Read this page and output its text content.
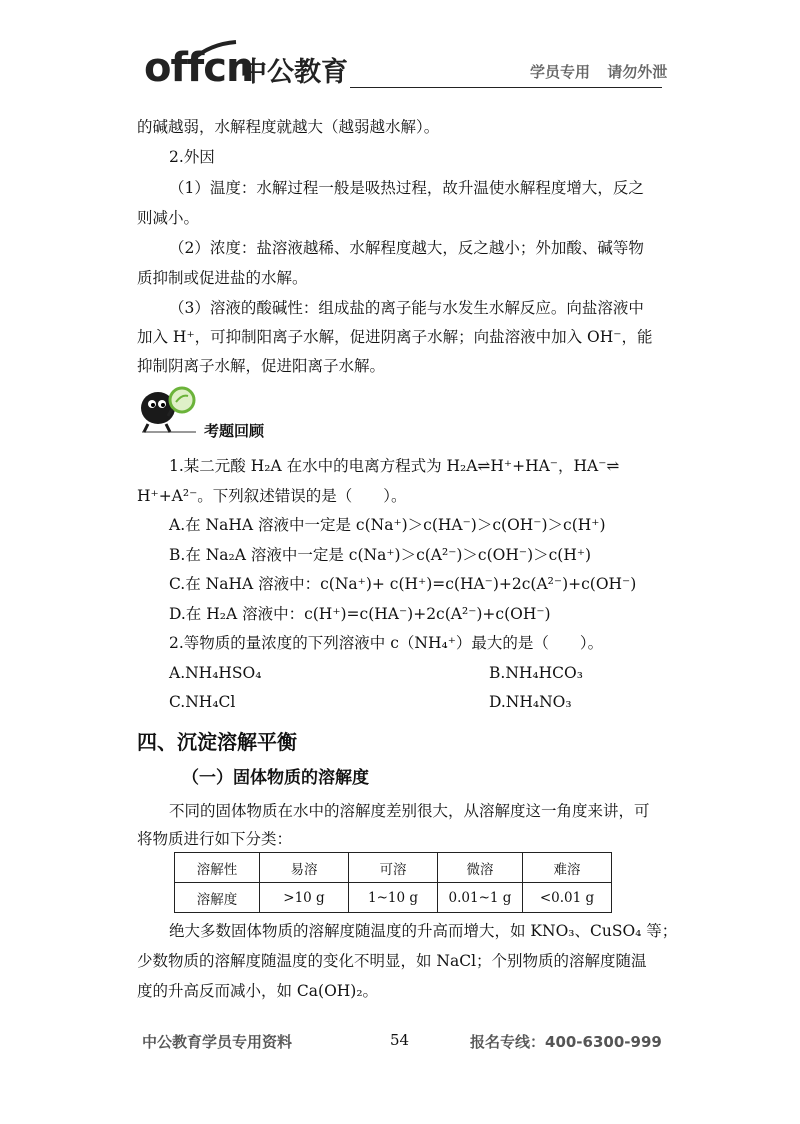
offcn
中公教育	学员专用 请勿外泄
的碱越弱，水解程度就越大（越弱越水解）。
2.外因
（1）温度：水解过程一般是吸热过程，故升温使水解程度增大，反之
则减小。
（2）浓度：盐溶液越稀、水解程度越大，反之越小；外加酸、碱等物
质抑制或促进盐的水解。
（3）溶液的酸碱性：组成盐的离子能与水发生水解反应。向盐溶液中
加入 H⁺，可抑制阳离子水解，促进阴离子水解；向盐溶液中加入 OH⁻，能
抑制阴离子水解，促进阳离子水解。
考题回顾
1.某二元酸 H₂A 在水中的电离方程式为 H₂A⇌H⁺+HA⁻，HA⁻⇌
H⁺+A²⁻。下列叙述错误的是（　　）。
A.在 NaHA 溶液中一定是 c(Na⁺)＞c(HA⁻)＞c(OH⁻)＞c(H⁺)
B.在 Na₂A 溶液中一定是 c(Na⁺)＞c(A²⁻)＞c(OH⁻)＞c(H⁺)
C.在 NaHA 溶液中：c(Na⁺)+ c(H⁺)=c(HA⁻)+2c(A²⁻)+c(OH⁻)
D.在 H₂A 溶液中：c(H⁺)=c(HA⁻)+2c(A²⁻)+c(OH⁻)
2.等物质的量浓度的下列溶液中 c（NH₄⁺）最大的是（　　）。
A.NH₄HSO₄	B.NH₄HCO₃
C.NH₄Cl	D.NH₄NO₃
四、沉淀溶解平衡
（一）固体物质的溶解度
不同的固体物质在水中的溶解度差别很大，从溶解度这一角度来讲，可
将物质进行如下分类：
溶解性	易溶	可溶	微溶	难溶
溶解度	>10 g	1~10 g	0.01~1 g	<0.01 g
绝大多数固体物质的溶解度随温度的升高而增大，如 KNO₃、CuSO₄ 等；
少数物质的溶解度随温度的变化不明显，如 NaCl；个别物质的溶解度随温
度的升高反而减小，如 Ca(OH)₂。
中公教育学员专用资料	54	报名专线：400-6300-999
